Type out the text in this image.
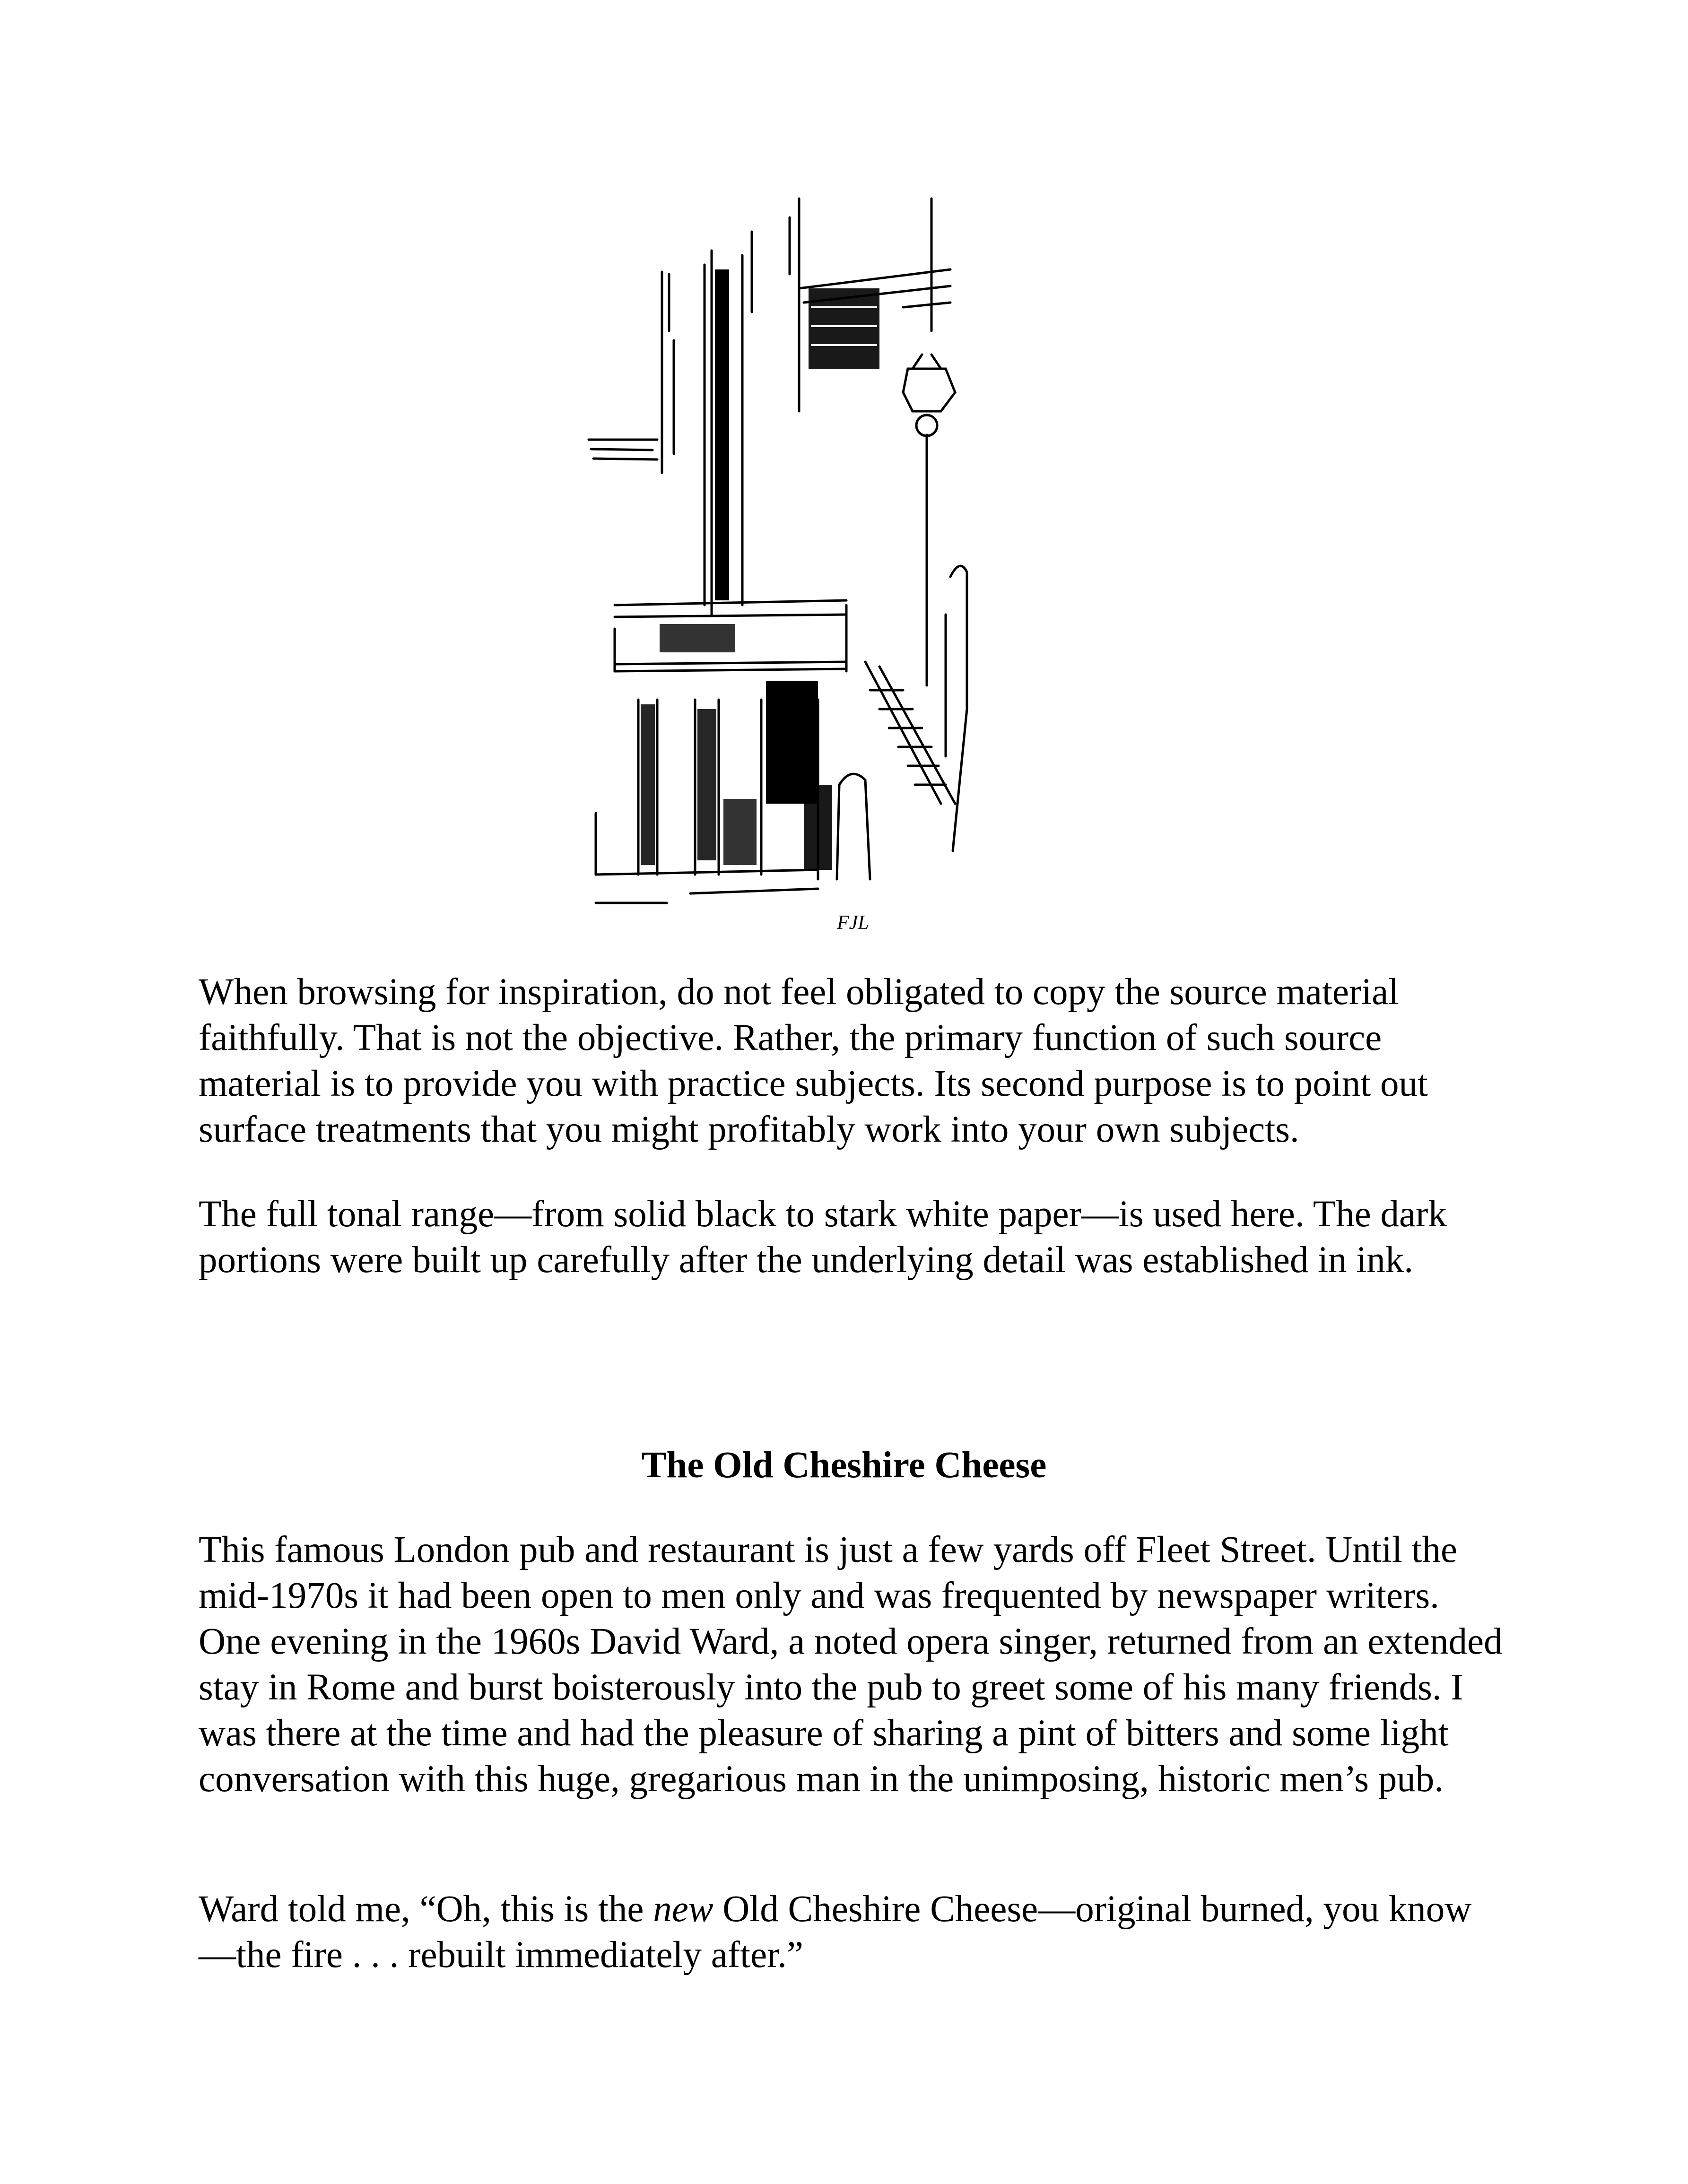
FJL

When browsing for inspiration, do not feel obligated to copy the source material faithfully. That is not the objective. Rather, the primary function of such source material is to provide you with practice subjects. Its second purpose is to point out surface treatments that you might profitably work into your own subjects.

The full tonal range—from solid black to stark white paper—is used here. The dark portions were built up carefully after the underlying detail was established in ink.

The Old Cheshire Cheese

This famous London pub and restaurant is just a few yards off Fleet Street. Until the mid-1970s it had been open to men only and was frequented by newspaper writers. One evening in the 1960s David Ward, a noted opera singer, returned from an extended stay in Rome and burst boisterously into the pub to greet some of his many friends. I was there at the time and had the pleasure of sharing a pint of bitters and some light conversation with this huge, gregarious man in the unimposing, historic men’s pub.

Ward told me, “Oh, this is the new Old Cheshire Cheese—original burned, you know—the fire . . . rebuilt immediately after.”
